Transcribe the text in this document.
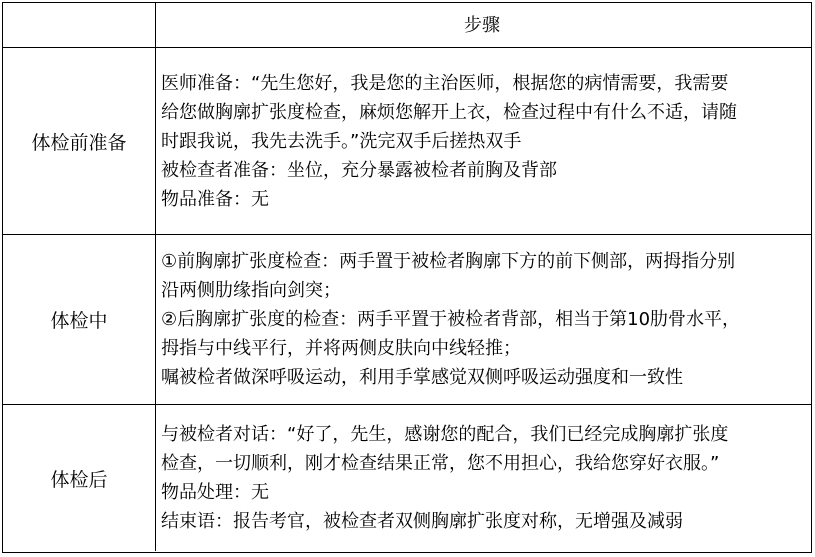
步骤
体检前准备
医师准备：“先生您好，我是您的主治医师，根据您的病情需要，我需要
给您做胸廓扩张度检查，麻烦您解开上衣，检查过程中有什么不适，请随
时跟我说，我先去洗手。”洗完双手后搓热双手
被检查者准备：坐位，充分暴露被检者前胸及背部
物品准备：无
体检中
①前胸廓扩张度检查：两手置于被检者胸廓下方的前下侧部，两拇指分别
沿两侧肋缘指向剑突；
②后胸廓扩张度的检查：两手平置于被检者背部，相当于第10肋骨水平，
拇指与中线平行，并将两侧皮肤向中线轻推；
嘱被检者做深呼吸运动，利用手掌感觉双侧呼吸运动强度和一致性
体检后
与被检者对话：“好了，先生，感谢您的配合，我们已经完成胸廓扩张度
检查，一切顺利，刚才检查结果正常，您不用担心，我给您穿好衣服。”
物品处理：无
结束语：报告考官，被检查者双侧胸廓扩张度对称，无增强及减弱
